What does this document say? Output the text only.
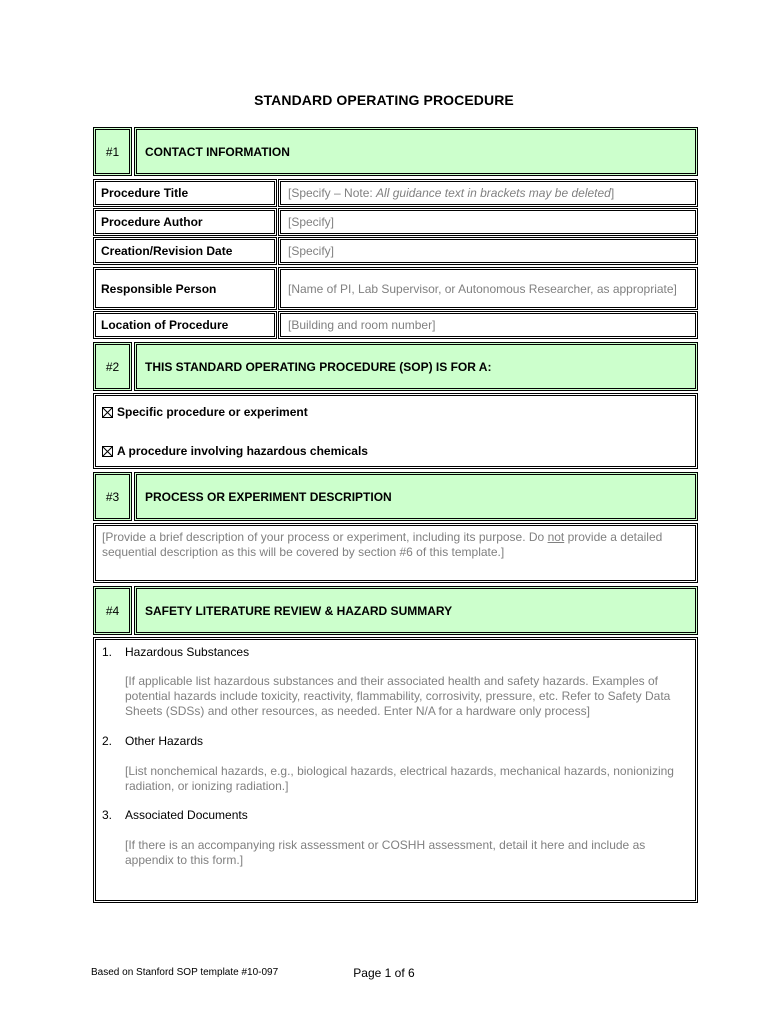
STANDARD OPERATING PROCEDURE
#1	CONTACT INFORMATION
Procedure Title	[Specify – Note: All guidance text in brackets may be deleted]
Procedure Author	[Specify]
Creation/Revision Date	[Specify]
Responsible Person	[Name of PI, Lab Supervisor, or Autonomous Researcher, as appropriate]
Location of Procedure	[Building and room number]
#2	THIS STANDARD OPERATING PROCEDURE (SOP) IS FOR A:
Specific procedure or experiment
A procedure involving hazardous chemicals
#3	PROCESS OR EXPERIMENT DESCRIPTION
[Provide a brief description of your process or experiment, including its purpose. Do not provide a detailed sequential description as this will be covered by section #6 of this template.]
#4	SAFETY LITERATURE REVIEW & HAZARD SUMMARY
1.	Hazardous Substances
[If applicable list hazardous substances and their associated health and safety hazards. Examples of potential hazards include toxicity, reactivity, flammability, corrosivity, pressure, etc. Refer to Safety Data Sheets (SDSs) and other resources, as needed. Enter N/A for a hardware only process]
2.	Other Hazards
[List nonchemical hazards, e.g., biological hazards, electrical hazards, mechanical hazards, nonionizing radiation, or ionizing radiation.]
3.	Associated Documents
[If there is an accompanying risk assessment or COSHH assessment, detail it here and include as appendix to this form.]
Page 1 of 6
Based on Stanford SOP template #10-097
